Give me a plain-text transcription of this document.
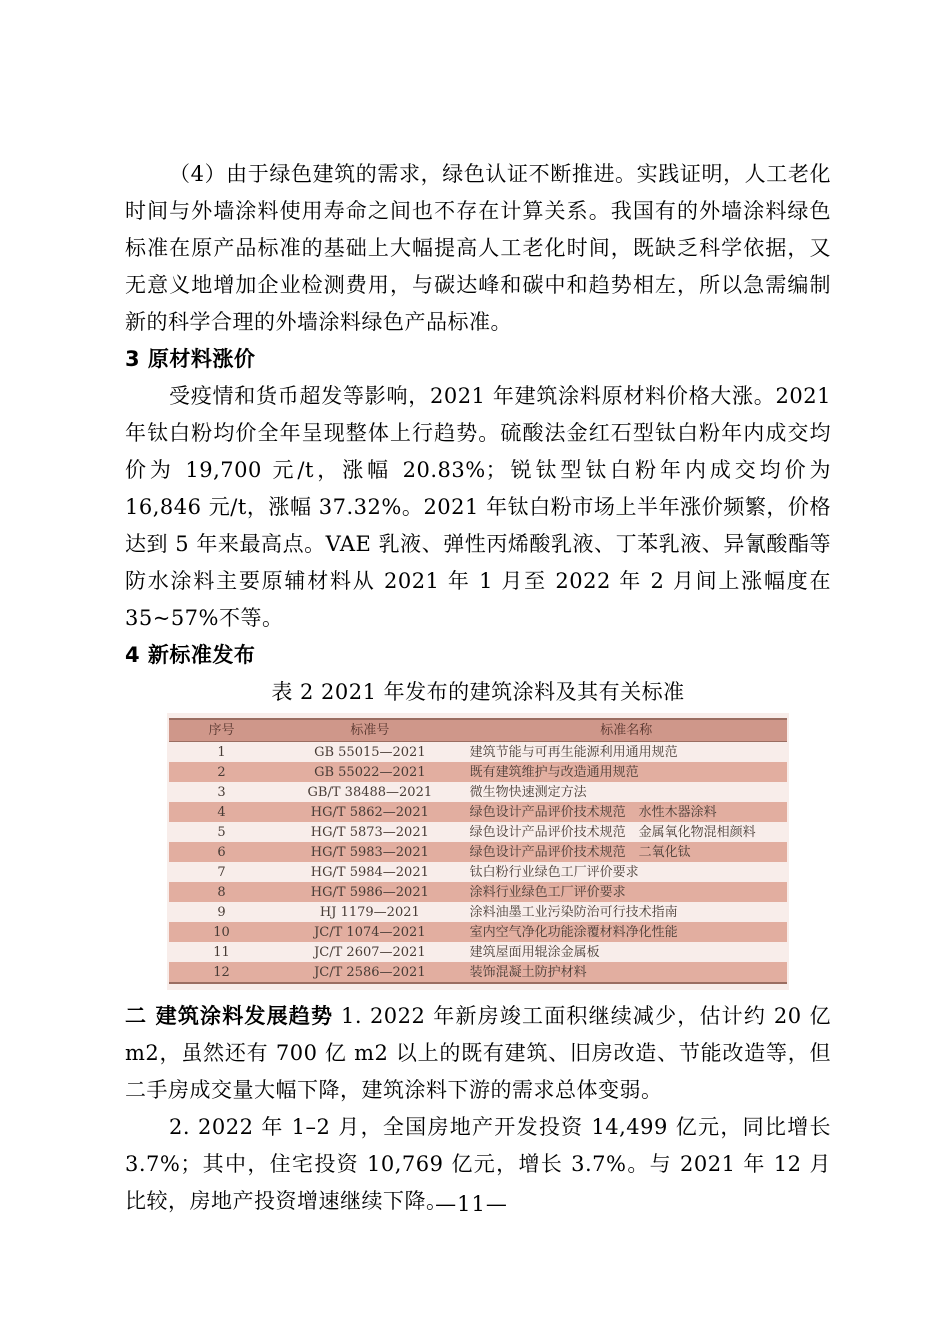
（4）由于绿色建筑的需求，绿色认证不断推进。实践证明，人工老化时间与外墙涂料使用寿命之间也不存在计算关系。我国有的外墙涂料绿色标准在原产品标准的基础上大幅提高人工老化时间，既缺乏科学依据，又无意义地增加企业检测费用，与碳达峰和碳中和趋势相左，所以急需编制新的科学合理的外墙涂料绿色产品标准。

3 原材料涨价

受疫情和货币超发等影响，2021 年建筑涂料原材料价格大涨。2021 年钛白粉均价全年呈现整体上行趋势。硫酸法金红石型钛白粉年内成交均价为 19,700 元/t，涨幅 20.83%；锐钛型钛白粉年内成交均价为 16,846 元/t，涨幅 37.32%。2021 年钛白粉市场上半年涨价频繁，价格达到 5 年来最高点。VAE 乳液、弹性丙烯酸乳液、丁苯乳液、异氰酸酯等防水涂料主要原辅材料从 2021 年 1 月至 2022 年 2 月间上涨幅度在 35~57%不等。

4 新标准发布

表 2 2021 年发布的建筑涂料及其有关标准

序号	标准号	标准名称
1	GB 55015—2021	建筑节能与可再生能源利用通用规范
2	GB 55022—2021	既有建筑维护与改造通用规范
3	GB/T 38488—2021	微生物快速测定方法
4	HG/T 5862—2021	绿色设计产品评价技术规范　水性木器涂料
5	HG/T 5873—2021	绿色设计产品评价技术规范　金属氧化物混相颜料
6	HG/T 5983—2021	绿色设计产品评价技术规范　二氧化钛
7	HG/T 5984—2021	钛白粉行业绿色工厂评价要求
8	HG/T 5986—2021	涂料行业绿色工厂评价要求
9	HJ 1179—2021	涂料油墨工业污染防治可行技术指南
10	JC/T 1074—2021	室内空气净化功能涂覆材料净化性能
11	JC/T 2607—2021	建筑屋面用辊涂金属板
12	JC/T 2586—2021	装饰混凝土防护材料

二 建筑涂料发展趋势 1. 2022 年新房竣工面积继续减少，估计约 20 亿 m2，虽然还有 700 亿 m2 以上的既有建筑、旧房改造、节能改造等，但二手房成交量大幅下降，建筑涂料下游的需求总体变弱。

2. 2022 年 1–2 月，全国房地产开发投资 14,499 亿元，同比增长 3.7%；其中，住宅投资 10,769 亿元，增长 3.7%。与 2021 年 12 月比较，房地产投资增速继续下降。

—11—
